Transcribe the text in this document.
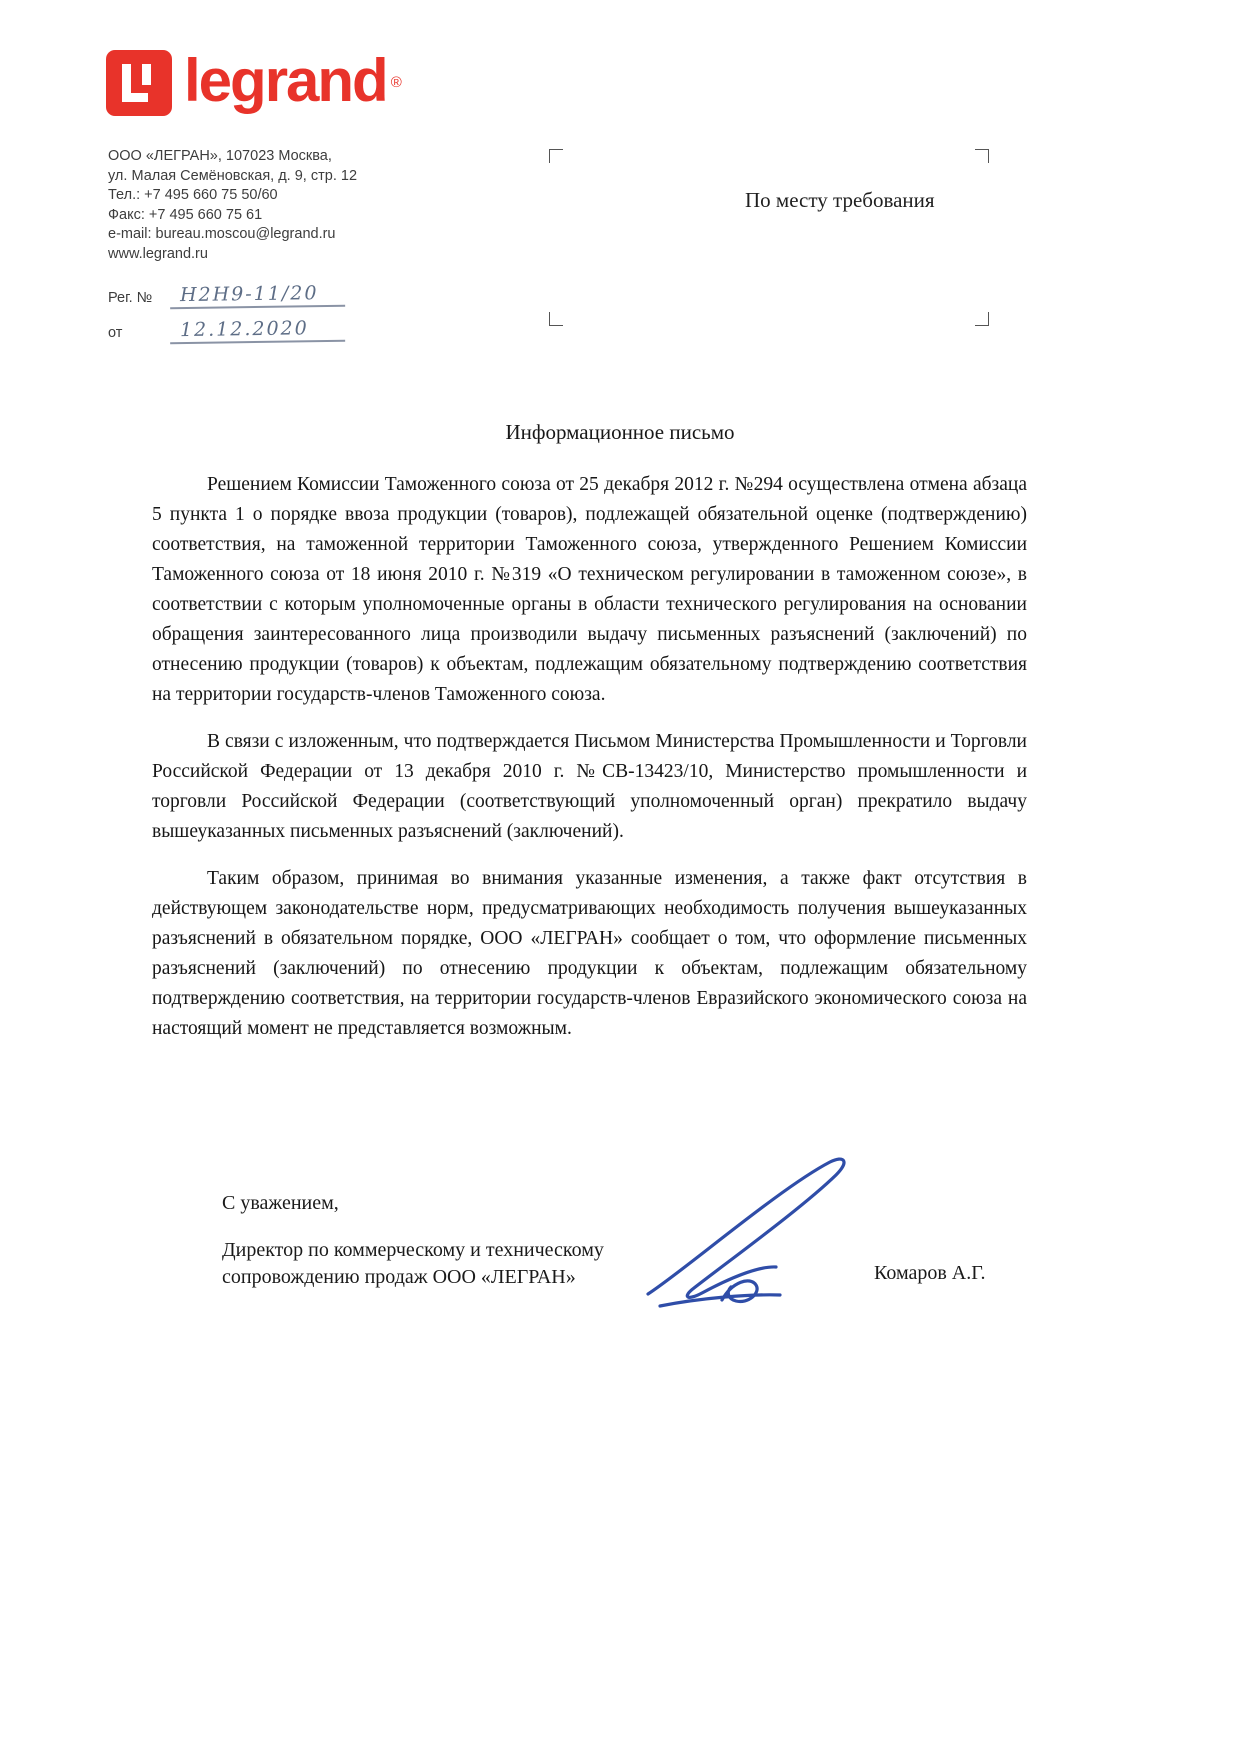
legrand ®
ООО «ЛЕГРАН», 107023 Москва,
ул. Малая Семёновская, д. 9, стр. 12
Тел.: +7 495 660 75 50/60
Факс: +7 495 660 75 61
e-mail: bureau.moscou@legrand.ru
www.legrand.ru
Рег. №	Н2Н9-11/20
от	12.12.2020
По месту требования
Информационное письмо

Решением Комиссии Таможенного союза от 25 декабря 2012 г. №294 осуществлена отмена абзаца 5 пункта 1 о порядке ввоза продукции (товаров), подлежащей обязательной оценке (подтверждению) соответствия, на таможенной территории Таможенного союза, утвержденного Решением Комиссии Таможенного союза от 18 июня 2010 г. №319 «О техническом регулировании в таможенном союзе», в соответствии с которым уполномоченные органы в области технического регулирования на основании обращения заинтересованного лица производили выдачу письменных разъяснений (заключений) по отнесению продукции (товаров) к объектам, подлежащим обязательному подтверждению соответствия на территории государств-членов Таможенного союза.

В связи с изложенным, что подтверждается Письмом Министерства Промышленности и Торговли Российской Федерации от 13 декабря 2010 г. №СВ-13423/10, Министерство промышленности и торговли Российской Федерации (соответствующий уполномоченный орган) прекратило выдачу вышеуказанных письменных разъяснений (заключений).

Таким образом, принимая во внимания указанные изменения, а также факт отсутствия в действующем законодательстве норм, предусматривающих необходимость получения вышеуказанных разъяснений в обязательном порядке, ООО «ЛЕГРАН» сообщает о том, что оформление письменных разъяснений (заключений) по отнесению продукции к объектам, подлежащим обязательному подтверждению соответствия, на территории государств-членов Евразийского экономического союза на настоящий момент не представляется возможным.

С уважением,
Директор по коммерческому и техническому
сопровождению продаж ООО «ЛЕГРАН»	Комаров А.Г.
